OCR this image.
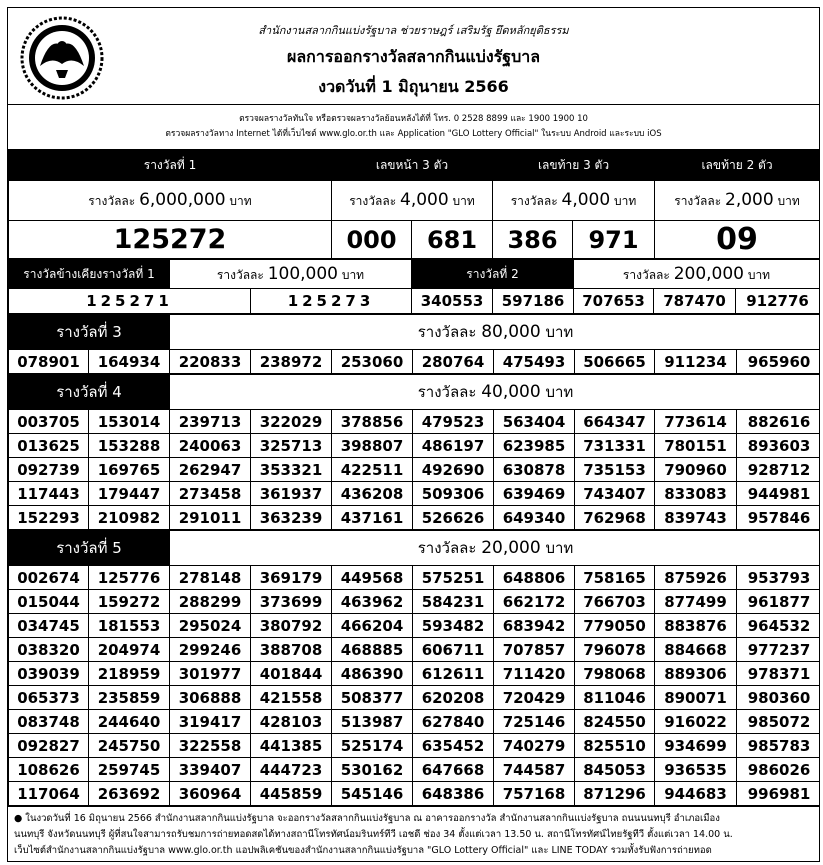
สำนักงานสลากกินแบ่งรัฐบาล ช่วยราษฎร์ เสริมรัฐ ยึดหลักยุติธรรม
ผลการออกรางวัลสลากกินแบ่งรัฐบาล
งวดวันที่ 1 มิถุนายน 2566
ตรวจผลรางวัลทันใจ หรือตรวจผลรางวัลย้อนหลังได้ที่ โทร. 0 2528 8899 และ 1900 1900 10
ตรวจผลรางวัลทาง Internet ได้ที่เว็บไซต์ www.glo.or.th และ Application "GLO Lottery Official" ในระบบ Android และระบบ iOS
รางวัลที่ 1	เลขหน้า 3 ตัว		เลขท้าย 3 ตัว		เลขท้าย 2 ตัว
รางวัลละ 6,000,000 บาท	รางวัลละ 4,000 บาท		รางวัลละ 4,000 บาท		รางวัลละ 2,000 บาท
125272	000	681	386	971	09
รางวัลข้างเคียงรางวัลที่ 1	รางวัลละ 100,000 บาท		รางวัลที่ 2		รางวัลละ 200,000 บาท		
125271		125273	340553	597186	707653	787470	912776
รางวัลที่ 3		รางวัลละ 80,000 บาท							
078901	164934	220833	238972	253060	280764	475493	506665	911234	965960
รางวัลที่ 4		รางวัลละ 40,000 บาท							
003705	153014	239713	322029	378856	479523	563404	664347	773614	882616
013625	153288	240063	325713	398807	486197	623985	731331	780151	893603
092739	169765	262947	353321	422511	492690	630878	735153	790960	928712
117443	179447	273458	361937	436208	509306	639469	743407	833083	944981
152293	210982	291011	363239	437161	526626	649340	762968	839743	957846
รางวัลที่ 5		รางวัลละ 20,000 บาท							
002674	125776	278148	369179	449568	575251	648806	758165	875926	953793
015044	159272	288299	373699	463962	584231	662172	766703	877499	961877
034745	181553	295024	380792	466204	593482	683942	779050	883876	964532
038320	204974	299246	388708	468885	606711	707857	796078	884668	977237
039039	218959	301977	401844	486390	612611	711420	798068	889306	978371
065373	235859	306888	421558	508377	620208	720429	811046	890071	980360
083748	244640	319417	428103	513987	627840	725146	824550	916022	985072
092827	245750	322558	441385	525174	635452	740279	825510	934699	985783
108626	259745	339407	444723	530162	647668	744587	845053	936535	986026
117064	263692	360964	445859	545146	648386	757168	871296	944683	996981
● ในงวดวันที่ 16 มิถุนายน 2566 สำนักงานสลากกินแบ่งรัฐบาล จะออกรางวัลสลากกินแบ่งรัฐบาล ณ อาคารออกรางวัล สำนักงานสลากกินแบ่งรัฐบาล ถนนนนทบุรี อำเภอเมือง
นนทบุรี จังหวัดนนทบุรี ผู้ที่สนใจสามารถรับชมการถ่ายทอดสดได้ทางสถานีโทรทัศน์อมรินทร์ทีวี เอชดี ช่อง 34 ตั้งแต่เวลา 13.50 น. สถานีโทรทัศน์ไทยรัฐทีวี ตั้งแต่เวลา 14.00 น.
เว็บไซต์สำนักงานสลากกินแบ่งรัฐบาล www.glo.or.th แอปพลิเคชันของสำนักงานสลากกินแบ่งรัฐบาล "GLO Lottery Official" และ LINE TODAY รวมทั้งรับฟังการถ่ายทอด
